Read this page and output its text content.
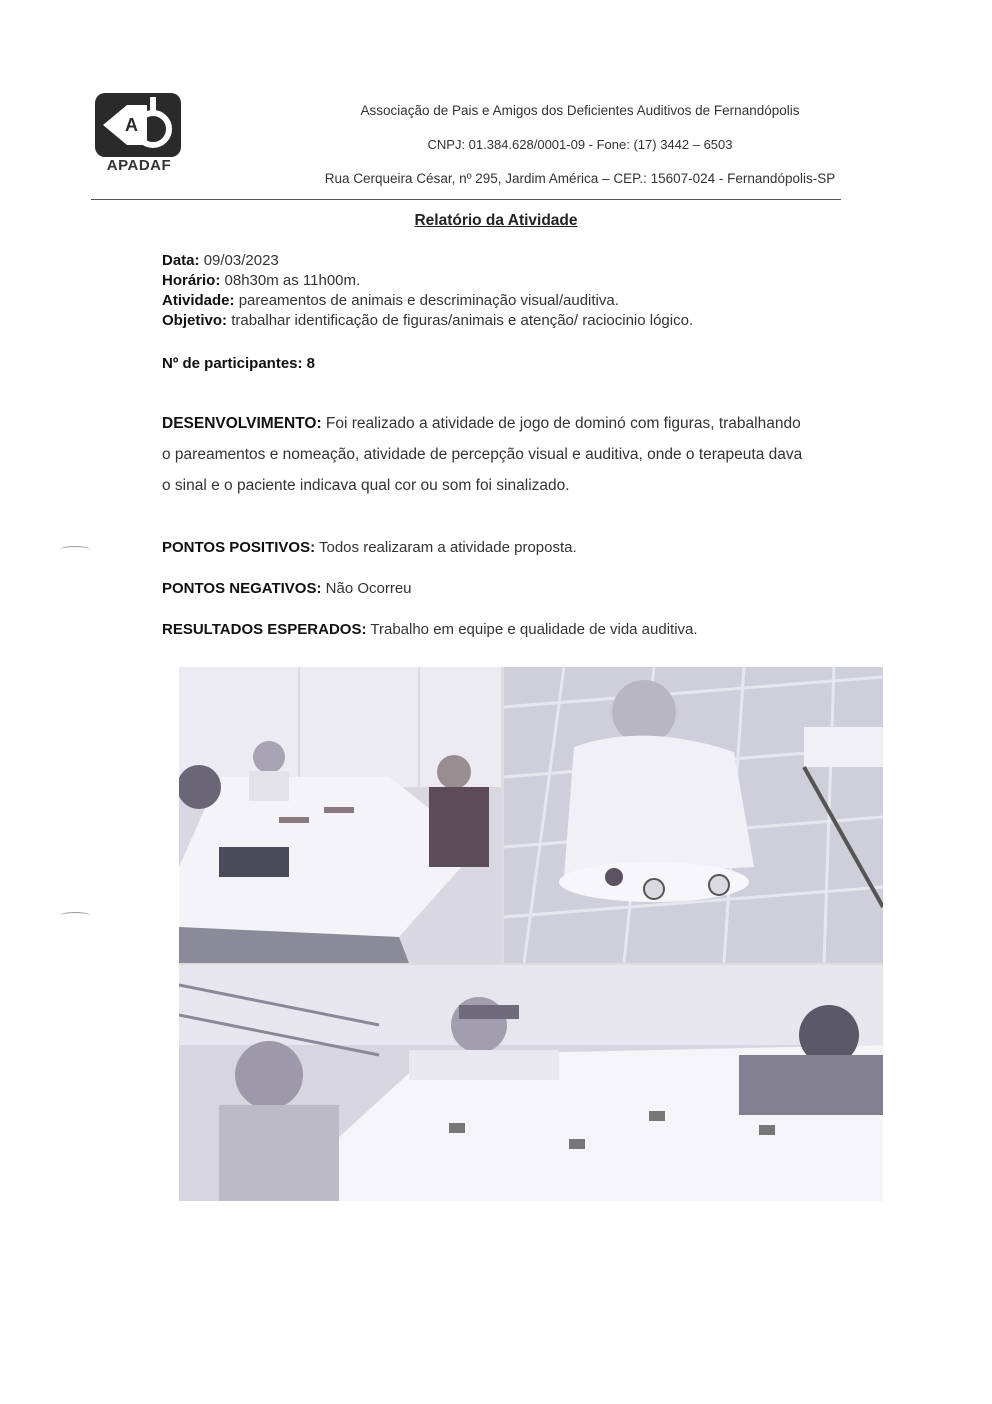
A
APADAF
Associação de Pais e Amigos dos Deficientes Auditivos de Fernandópolis
CNPJ: 01.384.628/0001-09 - Fone: (17) 3442 – 6503
Rua Cerqueira César, nº 295, Jardim América – CEP.: 15607-024 - Fernandópolis-SP
Relatório da Atividade
Data: 09/03/2023
Horário: 08h30m as 11h00m.
Atividade: pareamentos de animais e descriminação visual/auditiva.
Objetivo: trabalhar identificação de figuras/animais e atenção/ raciocinio lógico.
Nº de participantes: 8
DESENVOLVIMENTO: Foi realizado a atividade de jogo de dominó com figuras, trabalhando
o pareamentos e nomeação, atividade de percepção visual e auditiva, onde o terapeuta dava
o sinal e o paciente indicava qual cor ou som foi sinalizado.
PONTOS POSITIVOS: Todos realizaram a atividade proposta.
PONTOS NEGATIVOS: Não Ocorreu
RESULTADOS ESPERADOS: Trabalho em equipe e qualidade de vida auditiva.
